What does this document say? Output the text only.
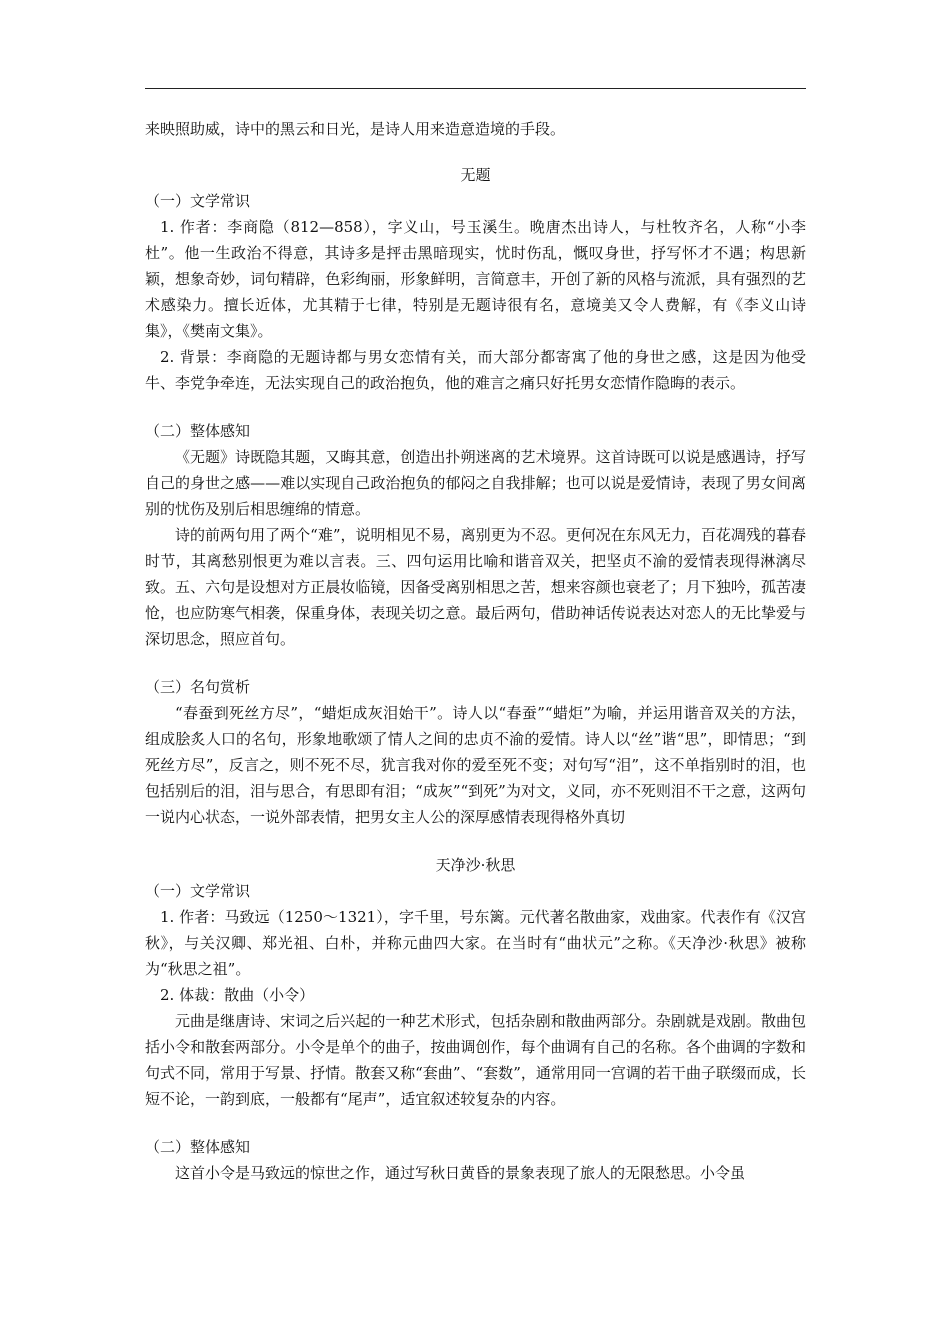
来映照助威，诗中的黑云和日光，是诗人用来造意造境的手段。

无题

（一）文学常识

1. 作者：李商隐（812—858），字义山，号玉溪生。晚唐杰出诗人，与杜牧齐名，人称“小李杜”。他一生政治不得意，其诗多是抨击黑暗现实，忧时伤乱，慨叹身世，抒写怀才不遇；构思新颖，想象奇妙，词句精辟，色彩绚丽，形象鲜明，言简意丰，开创了新的风格与流派，具有强烈的艺术感染力。擅长近体，尤其精于七律，特别是无题诗很有名，意境美又令人费解，有《李义山诗集》，《樊南文集》。

2. 背景：李商隐的无题诗都与男女恋情有关，而大部分都寄寓了他的身世之感，这是因为他受牛、李党争牵连，无法实现自己的政治抱负，他的难言之痛只好托男女恋情作隐晦的表示。

（二）整体感知

《无题》诗既隐其题，又晦其意，创造出扑朔迷离的艺术境界。这首诗既可以说是感遇诗，抒写自己的身世之感——难以实现自己政治抱负的郁闷之自我排解；也可以说是爱情诗，表现了男女间离别的忧伤及别后相思缠绵的情意。

诗的前两句用了两个“难”，说明相见不易，离别更为不忍。更何况在东风无力，百花凋残的暮春时节，其离愁别恨更为难以言表。三、四句运用比喻和谐音双关，把坚贞不渝的爱情表现得淋漓尽致。五、六句是设想对方正晨妆临镜，因备受离别相思之苦，想来容颜也衰老了；月下独吟，孤苦凄怆，也应防寒气相袭，保重身体，表现关切之意。最后两句，借助神话传说表达对恋人的无比挚爱与深切思念，照应首句。

（三）名句赏析

“春蚕到死丝方尽”，“蜡炬成灰泪始干”。诗人以“春蚕”“蜡炬”为喻，并运用谐音双关的方法，组成脍炙人口的名句，形象地歌颂了情人之间的忠贞不渝的爱情。诗人以“丝”谐“思”，即情思；“到死丝方尽”，反言之，则不死不尽，犹言我对你的爱至死不变；对句写“泪”，这不单指别时的泪，也包括别后的泪，泪与思合，有思即有泪；“成灰”“到死”为对文，义同，亦不死则泪不干之意，这两句一说内心状态，一说外部表情，把男女主人公的深厚感情表现得格外真切

天净沙·秋思

（一）文学常识

1. 作者：马致远（1250～1321），字千里，号东篱。元代著名散曲家，戏曲家。代表作有《汉宫秋》，与关汉卿、郑光祖、白朴，并称元曲四大家。在当时有“曲状元”之称。《天净沙·秋思》被称为“秋思之祖”。

2. 体裁：散曲（小令）

元曲是继唐诗、宋词之后兴起的一种艺术形式，包括杂剧和散曲两部分。杂剧就是戏剧。散曲包括小令和散套两部分。小令是单个的曲子，按曲调创作，每个曲调有自己的名称。各个曲调的字数和句式不同，常用于写景、抒情。散套又称“套曲”、“套数”，通常用同一宫调的若干曲子联缀而成，长短不论，一韵到底，一般都有“尾声”，适宜叙述较复杂的内容。

（二）整体感知

这首小令是马致远的惊世之作，通过写秋日黄昏的景象表现了旅人的无限愁思。小令虽
